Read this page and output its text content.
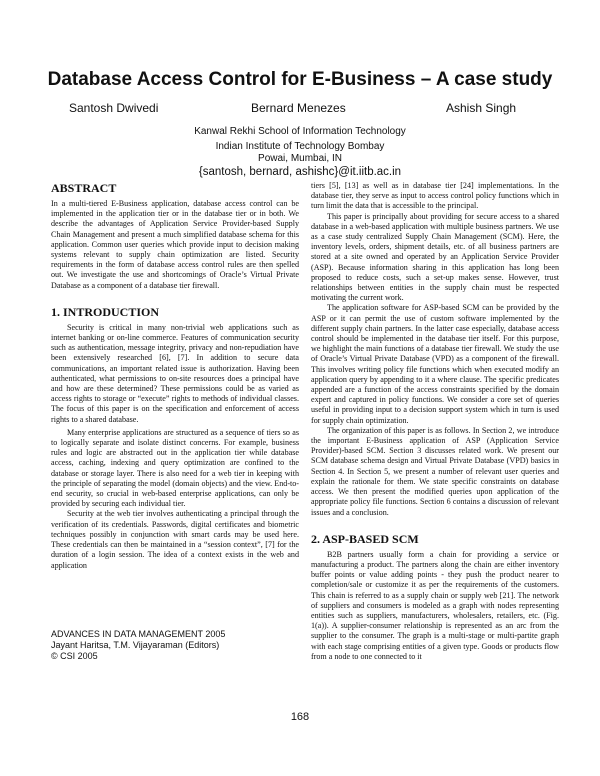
Database Access Control for E-Business – A case study
Santosh Dwivedi	Bernard Menezes	Ashish Singh
Kanwal Rekhi School of Information Technology
Indian Institute of Technology Bombay
Powai, Mumbai, IN
{santosh, bernard, ashishc}@it.iitb.ac.in
ABSTRACT

In a multi-tiered E-Business application, database access control can be implemented in the application tier or in the database tier or in both. We describe the advantages of Application Service Provider-based Supply Chain Management and present a much simplified database schema for this application. Common user queries which provide input to decision making systems relevant to supply chain optimization are listed. Security requirements in the form of database access control rules are then spelled out. We investigate the use and shortcomings of Oracle’s Virtual Private Database as a component of a database tier firewall.

1. INTRODUCTION

Security is critical in many non-trivial web applications such as internet banking or on-line commerce. Features of communication security such as authentication, message integrity, privacy and non-repudiation have been extensively researched [6], [7]. In addition to secure data communications, an important related issue is authorization. Having been authenticated, what permissions to on-site resources does a principal have and how are these determined? These permissions could be as varied as access rights to storage or “execute” rights to methods of individual classes. The focus of this paper is on the specification and enforcement of access rights to a shared database.

Many enterprise applications are structured as a sequence of tiers so as to logically separate and isolate distinct concerns. For example, business rules and logic are abstracted out in the application tier while database access, caching, indexing and query optimization are confined to the database or storage layer. There is also need for a web tier in keeping with the principle of separating the model (domain objects) and the view. End-to-end security, so crucial in web-based enterprise applications, can only be provided by securing each individual tier.

Security at the web tier involves authenticating a principal through the verification of its credentials. Passwords, digital certificates and biometric techniques possibly in conjunction with smart cards may be used here. These credentials can then be maintained in a “session context”, [7] for the duration of a login session. The idea of a context exists in the web and application

tiers [5], [13] as well as in database tier [24] implementations. In the database tier, they serve as input to access control policy functions which in turn limit the data that is accessible to the principal.

This paper is principally about providing for secure access to a shared database in a web-based application with multiple business partners. We use as a case study centralized Supply Chain Management (SCM). Here, the inventory levels, orders, shipment details, etc. of all business partners are stored at a site owned and operated by an Application Service Provider (ASP). Because information sharing in this application has long been proposed to reduce costs, such a set-up makes sense. However, trust relationships between entities in the supply chain must be respected motivating the current work.

The application software for ASP-based SCM can be provided by the ASP or it can permit the use of custom software implemented by the different supply chain partners. In the latter case especially, database access control should be implemented in the database tier itself. For this purpose, we highlight the main functions of a database tier firewall. We study the use of Oracle’s Virtual Private Database (VPD) as a component of the firewall. This involves writing policy file functions which when executed modify an application query by appending to it a where clause. The specific predicates appended are a function of the access constraints specified by the domain expert and captured in policy functions. We consider a core set of queries useful in providing input to a decision support system which in turn is used for supply chain optimization.

The organization of this paper is as follows. In Section 2, we introduce the important E-Business application of ASP (Application Service Provider)-based SCM. Section 3 discusses related work. We present our SCM database schema design and Virtual Private Database (VPD) basics in Section 4. In Section 5, we present a number of relevant user queries and explain the rationale for them. We state specific constraints on database access. We then present the modified queries upon application of the appropriate policy file functions. Section 6 contains a discussion of relevant issues and a conclusion.

2. ASP-BASED SCM

B2B partners usually form a chain for providing a service or manufacturing a product. The partners along the chain are either inventory buffer points or value adding points - they push the product nearer to completion/sale or customize it as per the requirements of the customers. This chain is referred to as a supply chain or supply web [21]. The network of suppliers and consumers is modeled as a graph with nodes representing entities such as suppliers, manufacturers, wholesalers, retailers, etc. (Fig. 1(a)). A supplier-consumer relationship is represented as an arc from the supplier to the consumer. The graph is a multi-stage or multi-partite graph with each stage comprising entities of a given type. Goods or products flow from a node to one connected to it

ADVANCES IN DATA MANAGEMENT 2005
Jayant Haritsa, T.M. Vijayaraman (Editors)
© CSI 2005
168
